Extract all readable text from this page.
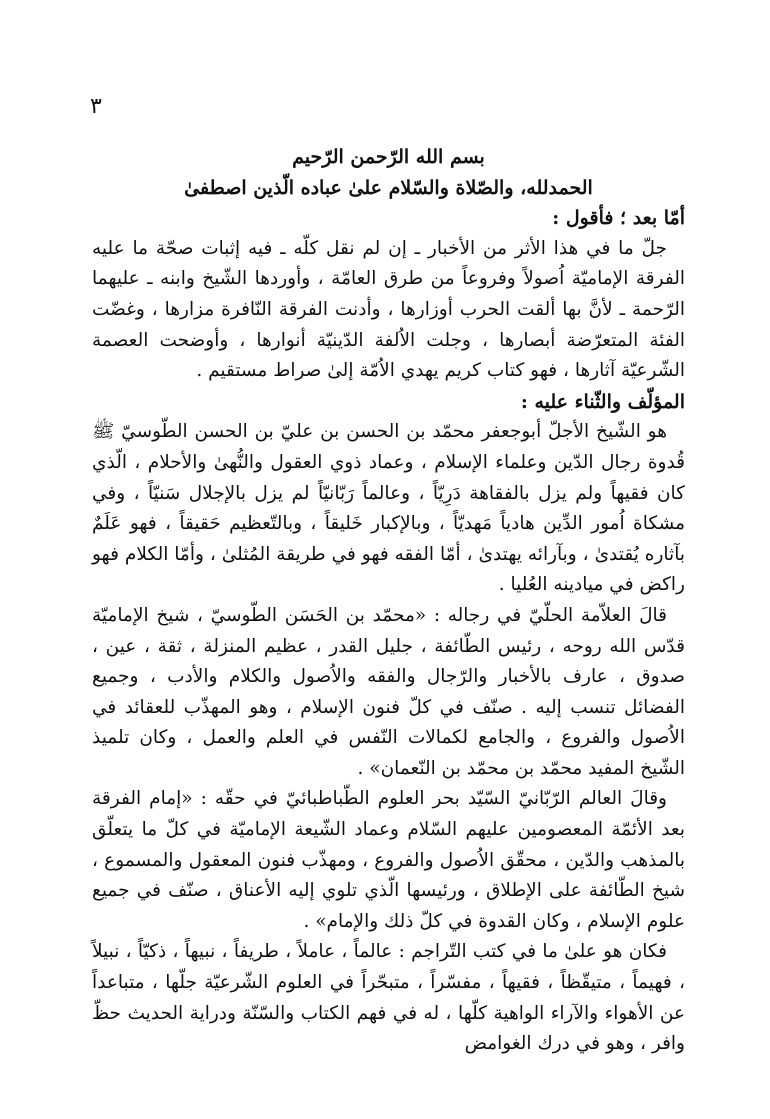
٣

بسم الله الرّحمن الرّحيم

الحمدلله، والصّلاة والسّلام علىٰ عباده الّذين اصطفىٰ

أمّا بعد ؛ فأقول :

جلّ ما في هذا الأثر من الأخبار ـ إن لم نقل كلّه ـ فيه إثبات صحّة ما عليه الفرقة الإماميّة اُصولاً وفروعاً من طرق العامّة ، وأوردها الشّيخ وابنه ـ عليهما الرّحمة ـ لأنَّ بها ألقت الحرب أوزارها ، وأدنت الفرقة النّافرة مزارها ، وغضّت الفئة المتعرّضة أبصارها ، وجلت الاُلفة الدّينيّة أنوارها ، وأوضحت العصمة الشّرعيّة آثارها ، فهو كتاب كريم يهدي الاُمّة إلىٰ صراط مستقيم .

المؤلّف والثّناء عليه :

هو الشّيخ الأجلّ أبوجعفر محمّد بن الحسن بن عليّ بن الحسن الطّوسيّ ﷺ قُدوة رجال الدّين وعلماء الإسلام ، وعماد ذوي العقول والنُّهىٰ والأحلام ، الّذي كان فقيهاً ولم يزل بالفقاهة دَرِيّاً ، وعالماً رَبّانيّاً لم يزل بالإجلال سَنيّاً ، وفي مشكاة اُمور الدِّين هادياً مَهديّاً ، وبالإكبار خَليقاً ، وبالتّعظيم حَقيقاً ، فهو عَلَمٌ بآثاره يُقتدىٰ ، وبآرائه يهتدىٰ ، أمّا الفقه فهو في طريقة المُثلىٰ ، وأمّا الكلام فهو راكض في ميادينه العُليا .

قالَ العلاّمة الحلّيّ في رجاله : «محمّد بن الحَسَن الطّوسيّ ، شيخ الإماميّة قدّس الله روحه ، رئيس الطّائفة ، جليل القدر ، عظيم المنزلة ، ثقة ، عين ، صدوق ، عارف بالأخبار والرّجال والفقه والاُصول والكلام والأدب ، وجميع الفضائل تنسب إليه . صنّف في كلّ فنون الإسلام ، وهو المهذّب للعقائد في الاُصول والفروع ، والجامع لكمالات النّفس في العلم والعمل ، وكان تلميذ الشّيخ المفيد محمّد بن محمّد بن النّعمان» .

وقالَ العالم الرّبّانيّ السّيّد بحر العلوم الطّباطبائيّ في حقّه : «إمام الفرقة بعد الأئمّة المعصومين عليهم السّلام وعماد الشّيعة الإماميّة في كلّ ما يتعلّق بالمذهب والدّين ، محقّق الاُصول والفروع ، ومهذّب فنون المعقول والمسموع ، شيخ الطّائفة على الإطلاق ، ورئيسها الّذي تلوي إليه الأعناق ، صنّف في جميع علوم الإسلام ، وكان القدوة في كلّ ذلك والإمام» .

فكان هو علىٰ ما في كتب التّراجم : عالماً ، عاملاً ، طريفاً ، نبيهاً ، ذكيّاً ، نبيلاً ، فهيماً ، متيقّظاً ، فقيهاً ، مفسّراً ، متبحّراً في العلوم الشّرعيّة جلّها ، متباعداً عن الأهواء والآراء الواهية كلّها ، له في فهم الكتاب والسّنّة ودراية الحديث حظّ وافر ، وهو في درك الغوامض
